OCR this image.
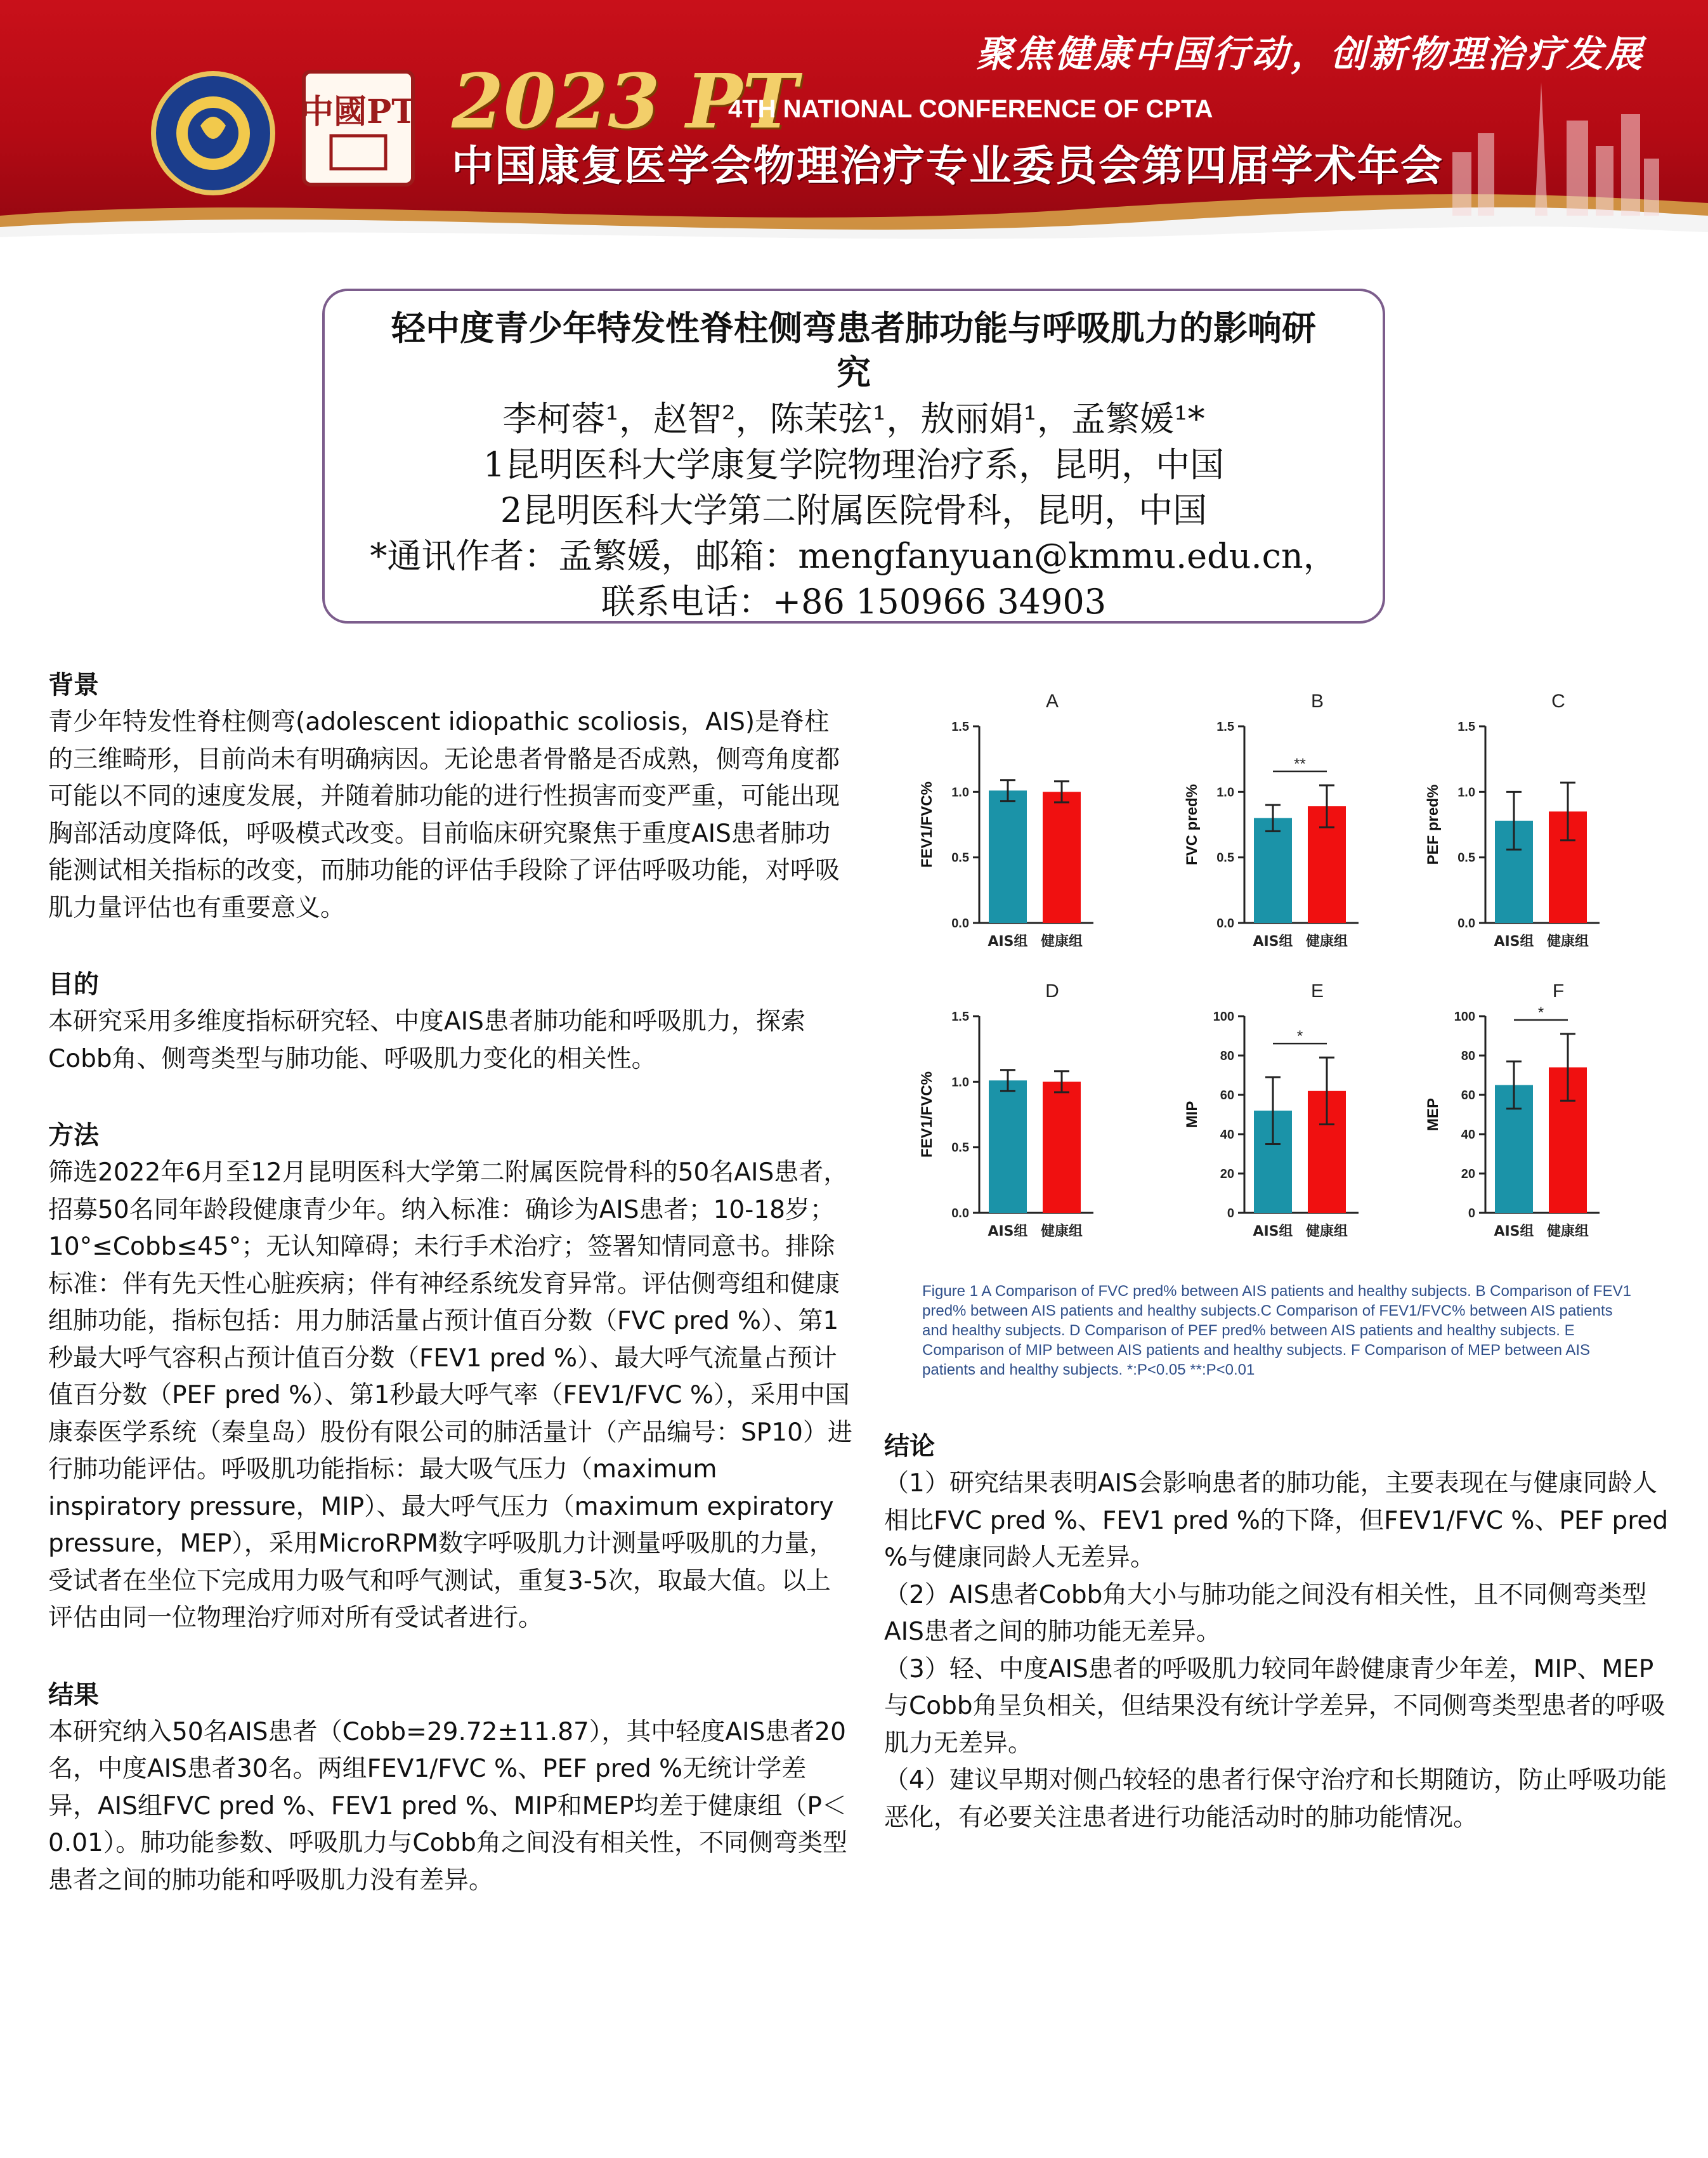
中國PT 2023 PT
4TH NATIONAL CONFERENCE OF CPTA
中国康复医学会物理治疗专业委员会第四届学术年会
聚焦健康中国行动，创新物理治疗发展
轻中度青少年特发性脊柱侧弯患者肺功能与呼吸肌力的影响研究
李柯蓉¹，赵智²，陈茉弦¹，敖丽娟¹，孟繁媛¹*
1昆明医科大学康复学院物理治疗系，昆明，中国
2昆明医科大学第二附属医院骨科，昆明，中国
*通讯作者：孟繁媛，邮箱：mengfanyuan@kmmu.edu.cn，
联系电话：+86 150966 34903
背景

青少年特发性脊柱侧弯(adolescent idiopathic scoliosis，AIS)是脊柱的三维畸形，目前尚未有明确病因。无论患者骨骼是否成熟，侧弯角度都可能以不同的速度发展，并随着肺功能的进行性损害而变严重，可能出现胸部活动度降低，呼吸模式改变。目前临床研究聚焦于重度AIS患者肺功能测试相关指标的改变，而肺功能的评估手段除了评估呼吸功能，对呼吸肌力量评估也有重要意义。

目的

本研究采用多维度指标研究轻、中度AIS患者肺功能和呼吸肌力，探索Cobb角、侧弯类型与肺功能、呼吸肌力变化的相关性。

方法

筛选2022年6月至12月昆明医科大学第二附属医院骨科的50名AIS患者，招募50名同年龄段健康青少年。纳入标准：确诊为AIS患者；10-18岁；10°≤Cobb≤45°；无认知障碍；未行手术治疗；签署知情同意书。排除标准：伴有先天性心脏疾病；伴有神经系统发育异常。评估侧弯组和健康组肺功能，指标包括：用力肺活量占预计值百分数（FVC pred %）、第1秒最大呼气容积占预计值百分数（FEV1 pred %）、最大呼气流量占预计值百分数（PEF pred %）、第1秒最大呼气率（FEV1/FVC %），采用中国康泰医学系统（秦皇岛）股份有限公司的肺活量计（产品编号：SP10）进行肺功能评估。呼吸肌功能指标：最大吸气压力（maximum inspiratory pressure，MIP）、最大呼气压力（maximum expiratory pressure，MEP），采用MicroRPM数字呼吸肌力计测量呼吸肌的力量，受试者在坐位下完成用力吸气和呼气测试，重复3-5次，取最大值。以上评估由同一位物理治疗师对所有受试者进行。

结果

本研究纳入50名AIS患者（Cobb=29.72±11.87），其中轻度AIS患者20名，中度AIS患者30名。两组FEV1/FVC %、PEF pred %无统计学差异，AIS组FVC pred %、FEV1 pred %、MIP和MEP均差于健康组（P＜0.01）。肺功能参数、呼吸肌力与Cobb角之间没有相关性，不同侧弯类型患者之间的肺功能和呼吸肌力没有差异。

A
0.0
0.5
1.0
1.5
FEV1/FVC%
AIS组 健康组
B
0.0
0.5
1.0
1.5
FVC pred%
AIS组 健康组
**
C
0.0
0.5
1.0
1.5
PEF pred%
AIS组 健康组
D
0.0
0.5
1.0
1.5
FEV1/FVC%
AIS组 健康组
E
0
20
40
60
80
100
MIP
AIS组 健康组
*
F
0
20
40
60
80
100
MEP
AIS组 健康组
*
Figure 1 A Comparison of FVC pred% between AIS patients and healthy subjects. B Comparison of FEV1 pred% between AIS patients and healthy subjects.C Comparison of FEV1/FVC% between AIS patients and healthy subjects. D Comparison of PEF pred% between AIS patients and healthy subjects. E Comparison of MIP between AIS patients and healthy subjects. F Comparison of MEP between AIS patients and healthy subjects. *:P<0.05 **:P<0.01
结论

（1）研究结果表明AIS会影响患者的肺功能，主要表现在与健康同龄人相比FVC pred %、FEV1 pred %的下降，但FEV1/FVC %、PEF pred %与健康同龄人无差异。

（2）AIS患者Cobb角大小与肺功能之间没有相关性，且不同侧弯类型AIS患者之间的肺功能无差异。

（3）轻、中度AIS患者的呼吸肌力较同年龄健康青少年差，MIP、MEP与Cobb角呈负相关，但结果没有统计学差异，不同侧弯类型患者的呼吸肌力无差异。

（4）建议早期对侧凸较轻的患者行保守治疗和长期随访，防止呼吸功能恶化，有必要关注患者进行功能活动时的肺功能情况。
